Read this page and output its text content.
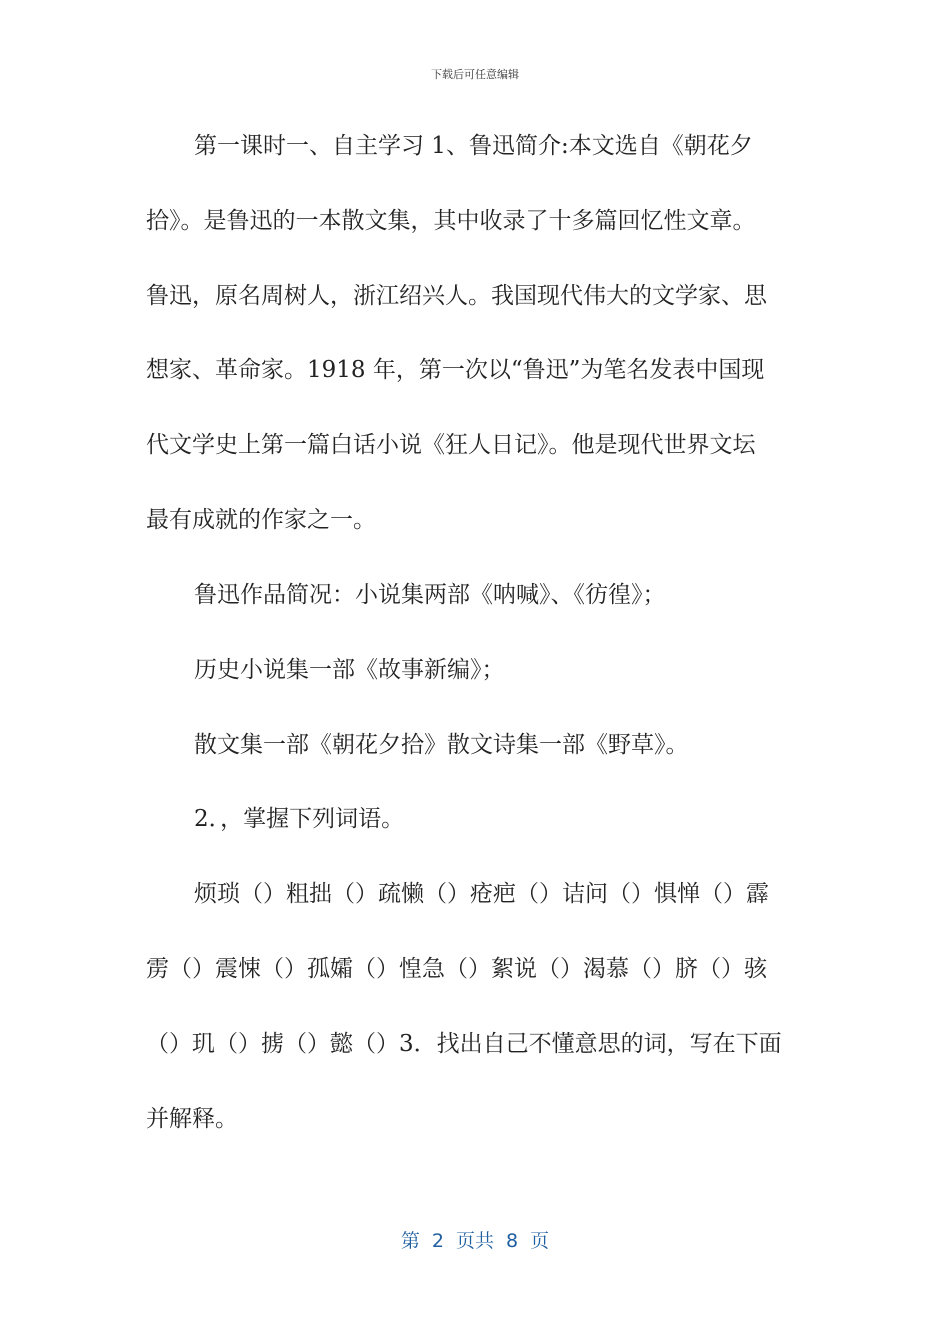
下载后可任意编辑
第一课时一、自主学习 1、鲁迅简介:本文选自《朝花夕
拾》。是鲁迅的一本散文集，其中收录了十多篇回忆性文章。
鲁迅，原名周树人，浙江绍兴人。我国现代伟大的文学家、思
想家、革命家。1918 年，第一次以“鲁迅”为笔名发表中国现
代文学史上第一篇白话小说《狂人日记》。他是现代世界文坛
最有成就的作家之一。
鲁迅作品简况：小说集两部《呐喊》、《彷徨》；
历史小说集一部《故事新编》；
散文集一部《朝花夕拾》散文诗集一部《野草》。
2．，掌握下列词语。
烦琐（）粗拙（）疏懒（）疮疤（）诘问（）惧惮（）霹
雳（）震悚（）孤孀（）惶急（）絮说（）渴慕（）脐（）骇
（）玑（）掳（）懿（）3．找出自己不懂意思的词，写在下面
并解释。
第 2 页共 8 页
